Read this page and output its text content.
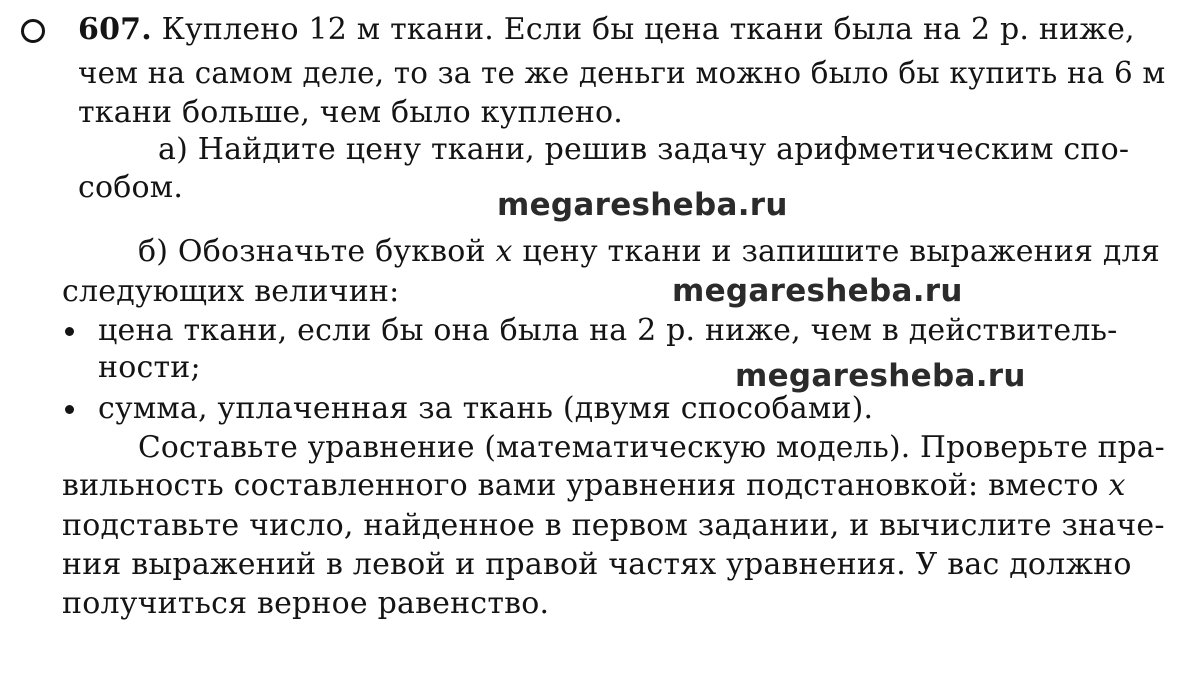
607. Куплено 12 м ткани. Если бы цена ткани была на 2 р. ниже,
чем на самом деле, то за те же деньги можно было бы купить на 6 м
ткани больше, чем было куплено.
а) Найдите цену ткани, решив задачу арифметическим спо-
собом.	megaresheba.ru
б) Обозначьте буквой x цену ткани и запишите выражения для
следующих величин:	megaresheba.ru
цена ткани, если бы она была на 2 р. ниже, чем в действитель-
ности;	megaresheba.ru
сумма, уплаченная за ткань (двумя способами).
Составьте уравнение (математическую модель). Проверьте пра-
вильность составленного вами уравнения подстановкой: вместо x
подставьте число, найденное в первом задании, и вычислите значе-
ния выражений в левой и правой частях уравнения. У вас должно
получиться верное равенство.
